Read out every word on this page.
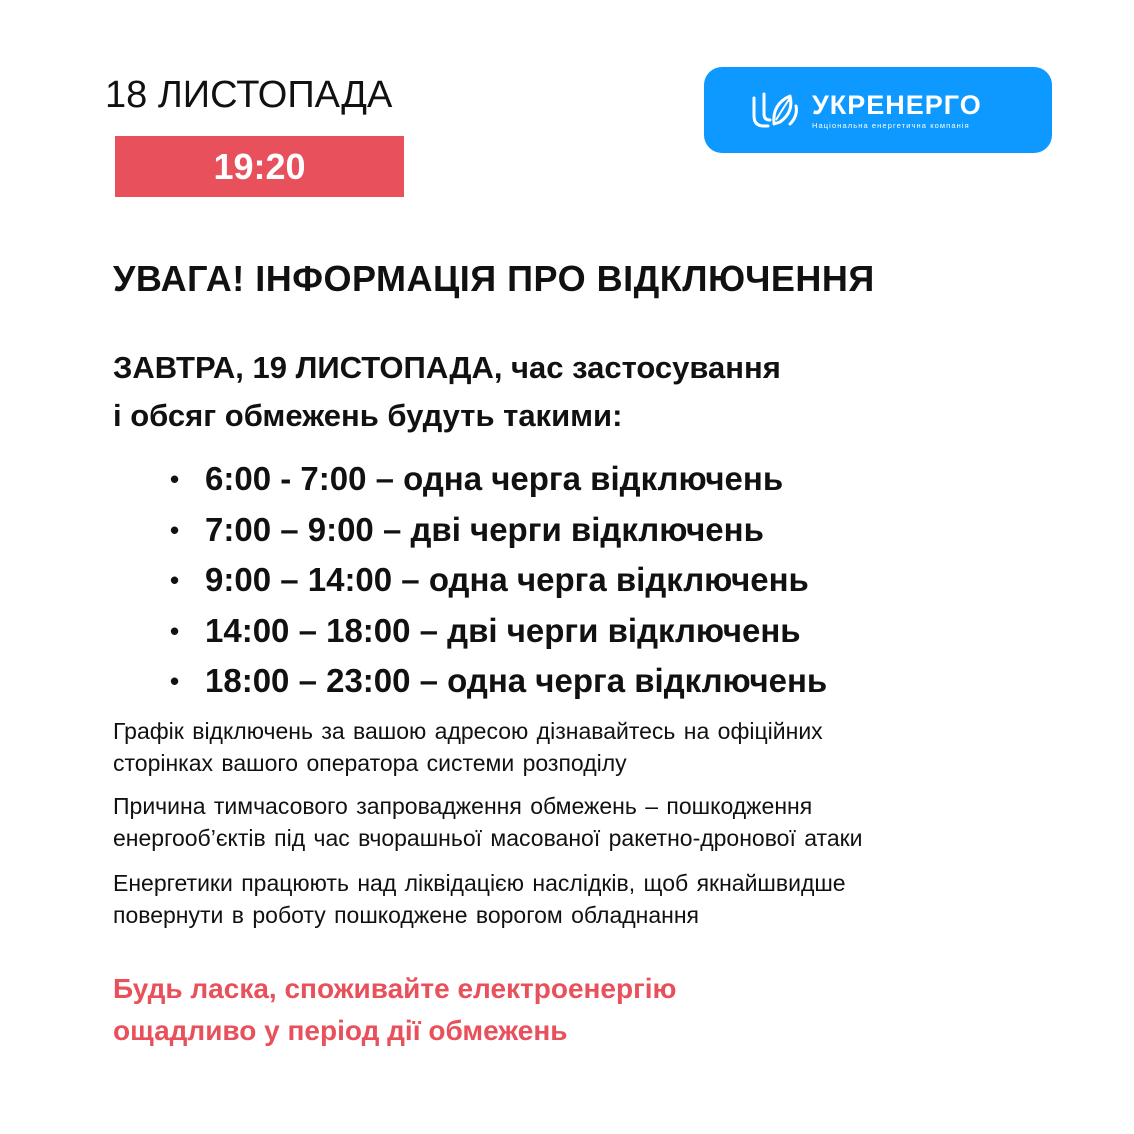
18 ЛИСТОПАДА
19:20
УКРЕНЕРГО
Національна енергетична компанія
УВАГА! ІНФОРМАЦІЯ ПРО ВІДКЛЮЧЕННЯ
ЗАВТРА, 19 ЛИСТОПАДА, час застосування
і обсяг обмежень будуть такими:
• 6:00 - 7:00 – одна черга відключень
• 7:00 – 9:00 – дві черги відключень
• 9:00 – 14:00 – одна черга відключень
• 14:00 – 18:00 – дві черги відключень
• 18:00 – 23:00 – одна черга відключень
Графік відключень за вашою адресою дізнавайтесь на офіційних
сторінках вашого оператора системи розподілу
Причина тимчасового запровадження обмежень – пошкодження
енергооб’єктів під час вчорашньої масованої ракетно-дронової атаки
Енергетики працюють над ліквідацією наслідків, щоб якнайшвидше
повернути в роботу пошкоджене ворогом обладнання
Будь ласка, споживайте електроенергію
ощадливо у період дії обмежень
